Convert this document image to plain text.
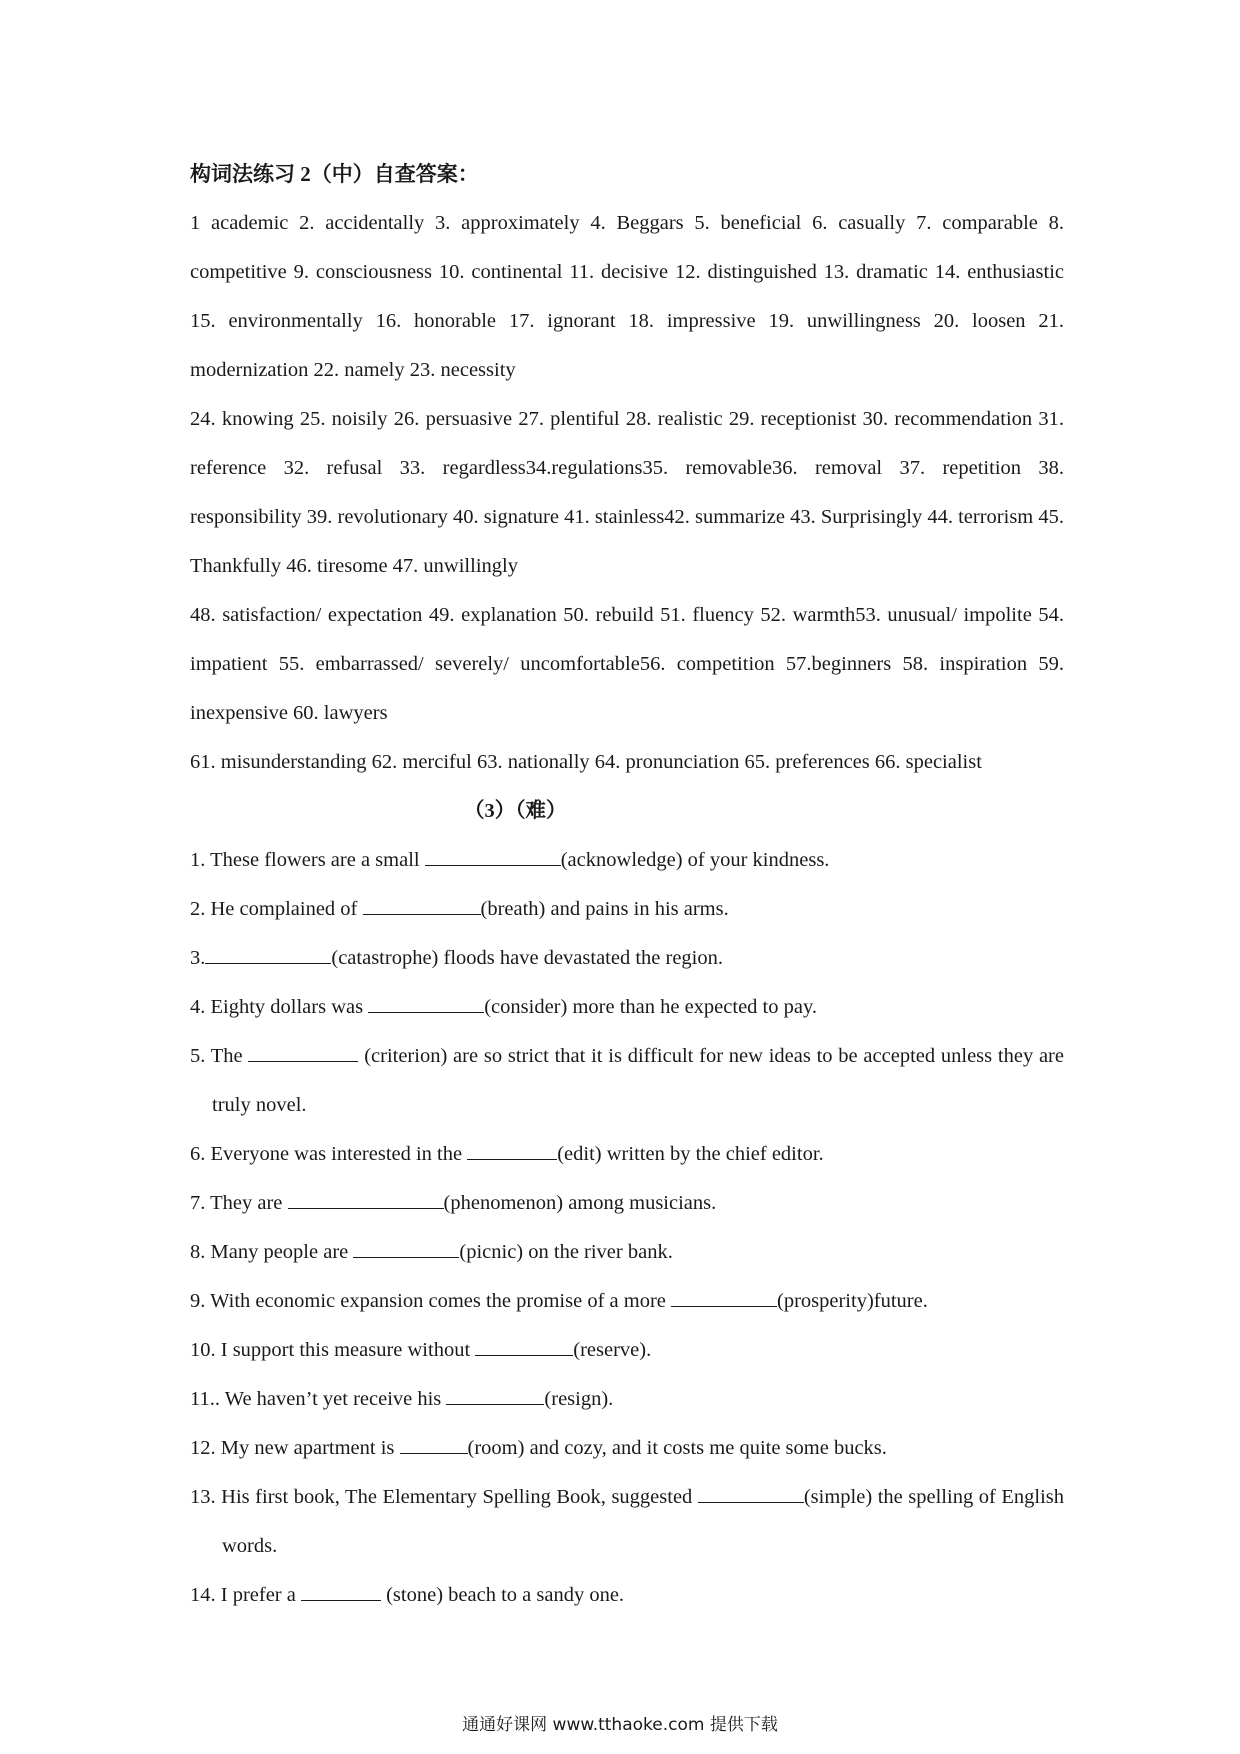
构词法练习 2（中）自查答案：

1 academic 2. accidentally 3. approximately 4. Beggars 5. beneficial 6. casually 7. comparable 8. competitive 9. consciousness 10. continental 11. decisive 12. distinguished 13. dramatic 14. enthusiastic 15. environmentally 16. honorable 17. ignorant 18. impressive 19. unwillingness 20. loosen 21. modernization 22. namely 23. necessity

24. knowing 25. noisily 26. persuasive 27. plentiful 28. realistic 29. receptionist 30. recommendation 31. reference 32. refusal 33. regardless34.regulations35. removable36. removal 37. repetition 38. responsibility 39. revolutionary 40. signature 41. stainless42. summarize 43. Surprisingly 44. terrorism 45. Thankfully 46. tiresome 47. unwillingly

48. satisfaction/ expectation 49. explanation 50. rebuild 51. fluency 52. warmth53. unusual/ impolite 54. impatient 55. embarrassed/ severely/ uncomfortable56. competition 57.beginners 58. inspiration 59. inexpensive 60. lawyers

61. misunderstanding 62. merciful 63. nationally 64. pronunciation 65. preferences 66. specialist

（3）（难）

1. These flowers are a small	(acknowledge) of your kindness.

2. He complained of	(breath) and pains in his arms.

3.	(catastrophe) floods have devastated the region.

4. Eighty dollars was	(consider) more than he expected to pay.

5. The	(criterion) are so strict that it is difficult for new ideas to be accepted unless they are truly novel.

6. Everyone was interested in the	(edit) written by the chief editor.

7. They are	(phenomenon) among musicians.

8. Many people are	(picnic) on the river bank.

9. With economic expansion comes the promise of a more	(prosperity)future.

10. I support this measure without	(reserve).

11.. We haven’t yet receive his	(resign).

12. My new apartment is	(room) and cozy, and it costs me quite some bucks.

13. His first book, The Elementary Spelling Book, suggested	(simple) the spelling of English words.

14. I prefer a	(stone) beach to a sandy one.

通通好课网 www.tthaoke.com 提供下载
